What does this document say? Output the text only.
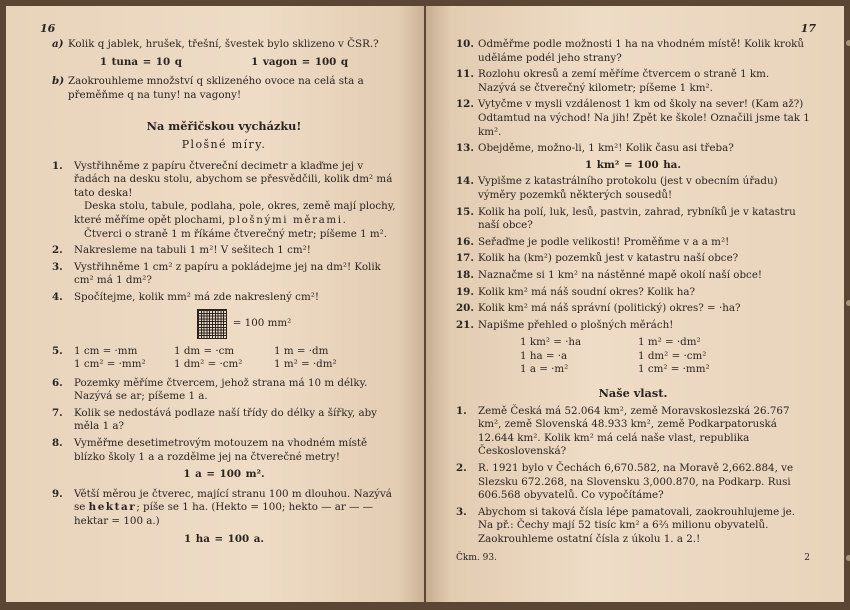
16
a) Kolik q jablek, hrušek, třešní, švestek bylo sklizeno v ČSR.?
1 tuna = 10 q	1 vagon = 100 q
b) Zaokrouhleme množství q sklizeného ovoce na celá sta a přeměňme q na tuny! na vagony!
Na měřičskou vycházku!
Plošné míry.
1. Vystřihněme z papíru čtvereční decimetr a klaďme jej v řadách na desku stolu, abychom se přesvědčili, kolik dm² má tato deska!
Deska stolu, tabule, podlaha, pole, okres, země mají plochy, které měříme opět plochami, plošnými měrami.
Čtverci o straně 1 m říkáme čtverečný metr; píšeme 1 m².
2. Nakresleme na tabuli 1 m²! V sešitech 1 cm²!
3. Vystřihněme 1 cm² z papíru a pokládejme jej na dm²! Kolik cm² má 1 dm²?
4. Spočítejme, kolik mm² má zde nakreslený cm²!
= 100 mm²
5.	1 cm = ·mm	1 dm = ·cm	1 m = ·dm
1 cm² = ·mm²	1 dm² = ·cm²	1 m² = ·dm²
6. Pozemky měříme čtvercem, jehož strana má 10 m délky. Nazývá se ar; píšeme 1 a.
7. Kolik se nedostává podlaze naší třídy do délky a šířky, aby měla 1 a?
8. Vyměřme desetimetrovým motouzem na vhodném místě blízko školy 1 a a rozdělme jej na čtverečné metry!
1 a = 100 m².
9. Větší měrou je čtverec, mající stranu 100 m dlouhou. Nazývá se hektar; píše se 1 ha. (Hekto = 100; hekto — ar — — hektar = 100 a.)
1 ha = 100 a.
17
10. Odměřme podle možnosti 1 ha na vhodném místě! Kolik kroků uděláme podél jeho strany?
11. Rozlohu okresů a zemí měříme čtvercem o straně 1 km. Nazývá se čtverečný kilometr; píšeme 1 km².
12. Vytyčme v mysli vzdálenost 1 km od školy na sever! (Kam až?) Odtamtud na východ! Na jih! Zpět ke škole! Označili jsme tak 1 km².
13. Obejděme, možno-li, 1 km²! Kolik času asi třeba?
1 km² = 100 ha.
14. Vypišme z katastrálního protokolu (jest v obecním úřadu) výměry pozemků některých sousedů!
15. Kolik ha polí, luk, lesů, pastvin, zahrad, rybníků je v katastru naší obce?
16. Seřaďme je podle velikosti! Proměňme v a a m²!
17. Kolik ha (km²) pozemků jest v katastru naší obce?
18. Naznačme si 1 km² na nástěnné mapě okolí naší obce!
19. Kolik km² má náš soudní okres? Kolik ha?
20. Kolik km² má náš správní (politický) okres? = ·ha?
21. Napišme přehled o plošných měrách!
1 km² = ·ha	1 m² = ·dm²
1 ha = ·a	1 dm² = ·cm²
1 a = ·m²	1 cm² = ·mm²
Naše vlast.
1. Země Česká má 52.064 km², země Moravskoslezská 26.767 km², země Slovenská 48.933 km², země Podkarpatoruská 12.644 km². Kolik km² má celá naše vlast, republika Československá?
2. R. 1921 bylo v Čechách 6,670.582, na Moravě 2,662.884, ve Slezsku 672.268, na Slovensku 3,000.870, na Podkarp. Rusi 606.568 obyvatelů. Co vypočítáme?
3. Abychom si taková čísla lépe pamatovali, zaokrouhlujeme je. Na př.: Čechy mají 52 tisíc km² a 6⅔ milionu obyvatelů. Zaokrouhleme ostatní čísla z úkolu 1. a 2.!
Čkm. 93.	2
